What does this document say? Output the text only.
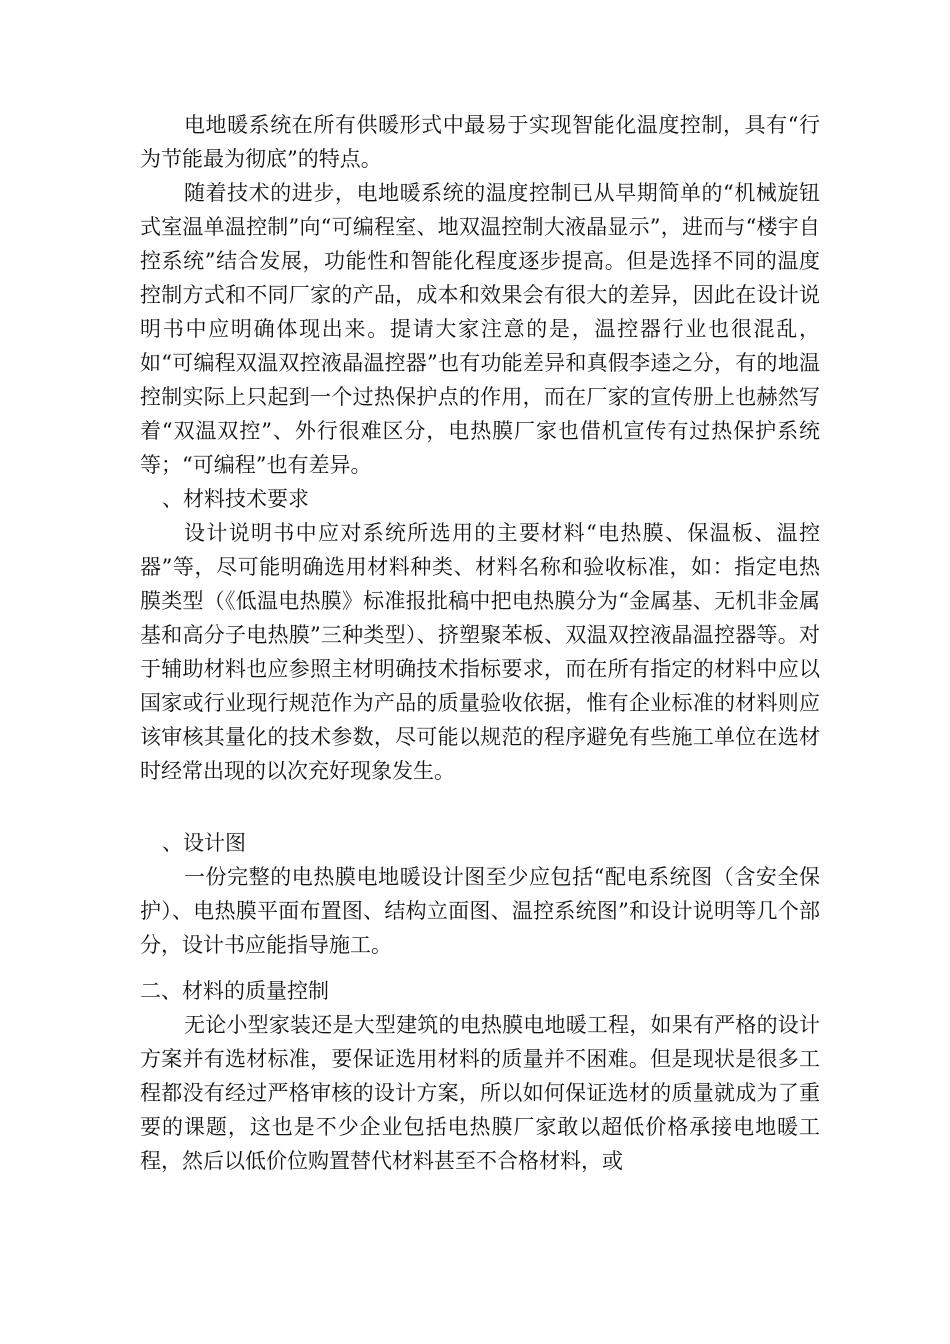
电地暖系统在所有供暖形式中最易于实现智能化温度控制，具有“行为节能最为彻底”的特点。

随着技术的进步，电地暖系统的温度控制已从早期简单的“机械旋钮式室温单温控制”向“可编程室、地双温控制大液晶显示”，进而与“楼宇自控系统”结合发展，功能性和智能化程度逐步提高。但是选择不同的温度控制方式和不同厂家的产品，成本和效果会有很大的差异，因此在设计说明书中应明确体现出来。提请大家注意的是，温控器行业也很混乱，如“可编程双温双控液晶温控器”也有功能差异和真假李逵之分，有的地温控制实际上只起到一个过热保护点的作用，而在厂家的宣传册上也赫然写着“双温双控”、外行很难区分，电热膜厂家也借机宣传有过热保护系统等；“可编程”也有差异。

、材料技术要求

设计说明书中应对系统所选用的主要材料“电热膜、保温板、温控器”等，尽可能明确选用材料种类、材料名称和验收标准，如：指定电热膜类型（《低温电热膜》标准报批稿中把电热膜分为“金属基、无机非金属基和高分子电热膜”三种类型）、挤塑聚苯板、双温双控液晶温控器等。对于辅助材料也应参照主材明确技术指标要求，而在所有指定的材料中应以国家或行业现行规范作为产品的质量验收依据，惟有企业标准的材料则应该审核其量化的技术参数，尽可能以规范的程序避免有些施工单位在选材时经常出现的以次充好现象发生。

、设计图

一份完整的电热膜电地暖设计图至少应包括“配电系统图（含安全保护）、电热膜平面布置图、结构立面图、温控系统图”和设计说明等几个部分，设计书应能指导施工。

二、材料的质量控制

无论小型家装还是大型建筑的电热膜电地暖工程，如果有严格的设计方案并有选材标准，要保证选用材料的质量并不困难。但是现状是很多工程都没有经过严格审核的设计方案，所以如何保证选材的质量就成为了重要的课题，这也是不少企业包括电热膜厂家敢以超低价格承接电地暖工程，然后以低价位购置替代材料甚至不合格材料，或
